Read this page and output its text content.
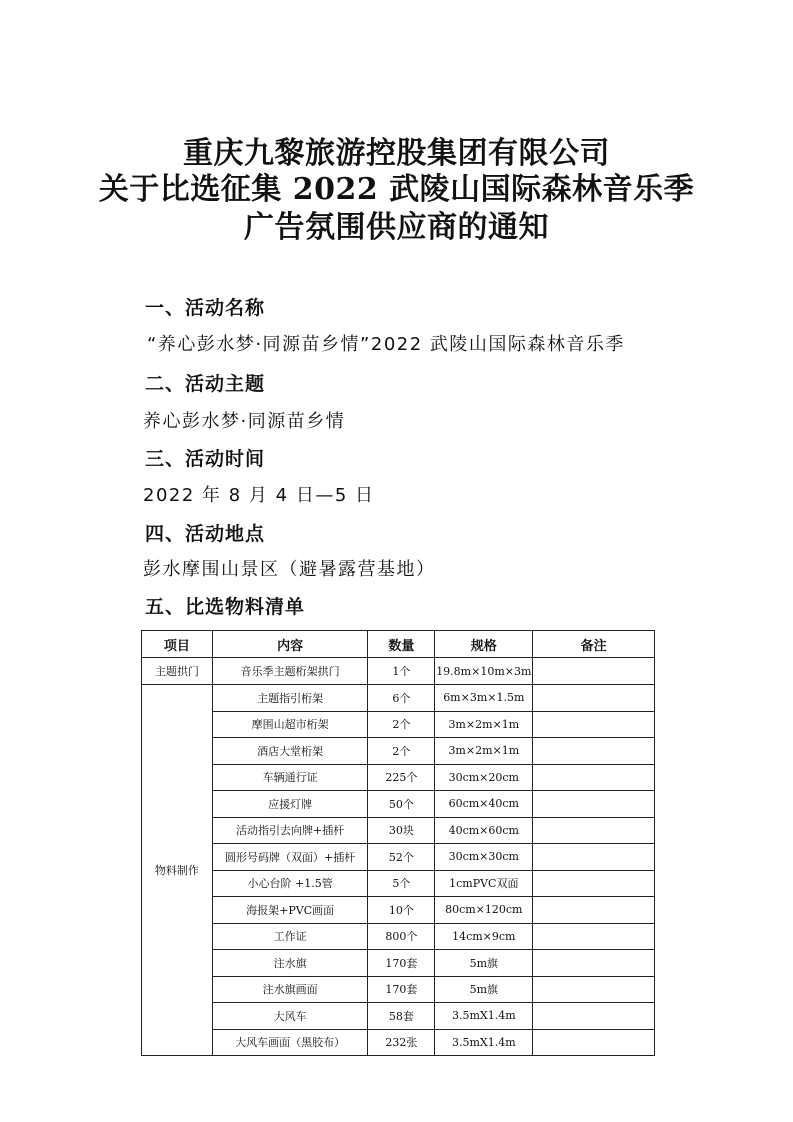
重庆九黎旅游控股集团有限公司
关于比选征集 2022 武陵山国际森林音乐季
广告氛围供应商的通知
一、活动名称
“养心彭水梦·同源苗乡情”2022 武陵山国际森林音乐季
二、活动主题
养心彭水梦·同源苗乡情
三、活动时间
2022 年 8 月 4 日—5 日
四、活动地点
彭水摩围山景区（避暑露营基地）
五、比选物料清单
项目	内容	数量	规格	备注
主题拱门	音乐季主题桁架拱门	1个	19.8m×10m×3m	
物料制作	主题指引桁架	6个	6m×3m×1.5m	
	摩围山超市桁架	2个	3m×2m×1m	
	酒店大堂桁架	2个	3m×2m×1m	
	车辆通行证	225个	30cm×20cm	
	应援灯牌	50个	60cm×40cm	
	活动指引去向牌+插杆	30块	40cm×60cm	
	圆形号码牌（双面）+插杆	52个	30cm×30cm	
	小心台阶 +1.5管	5个	1cmPVC双面	
	海报架+PVC画面	10个	80cm×120cm	
	工作证	800个	14cm×9cm	
	注水旗	170套	5m旗	
	注水旗画面	170套	5m旗	
	大风车	58套	3.5mX1.4m	
	大风车画面（黑胶布）	232张	3.5mX1.4m	
